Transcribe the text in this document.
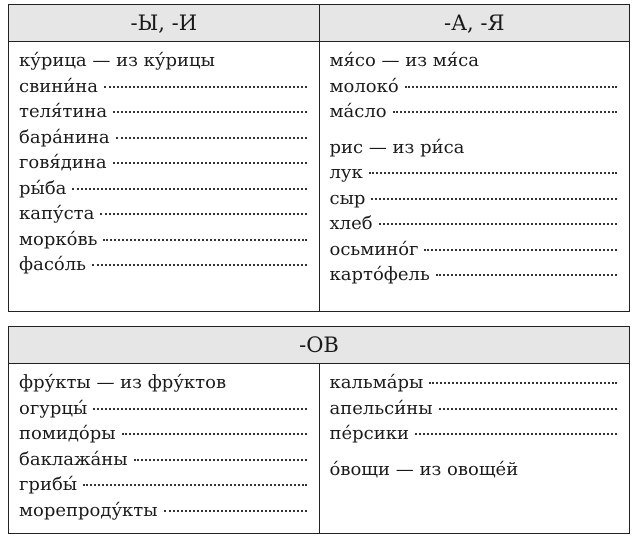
-Ы, -И	-А, -Я
ку́рица — из ку́рицы
свини́на
теля́тина
бара́нина
говя́дина
ры́ба
капу́ста
морко́вь
фасо́ль
мя́со — из мя́са
молоко́
ма́сло
рис — из ри́са
лук
сыр
хлеб
осьмино́г
карто́фель
-ОВ
фру́кты — из фру́ктов
огурцы́
помидо́ры
баклажа́ны
грибы́
морепроду́кты
кальма́ры
апельси́ны
пе́рсики
о́вощи — из овоще́й
